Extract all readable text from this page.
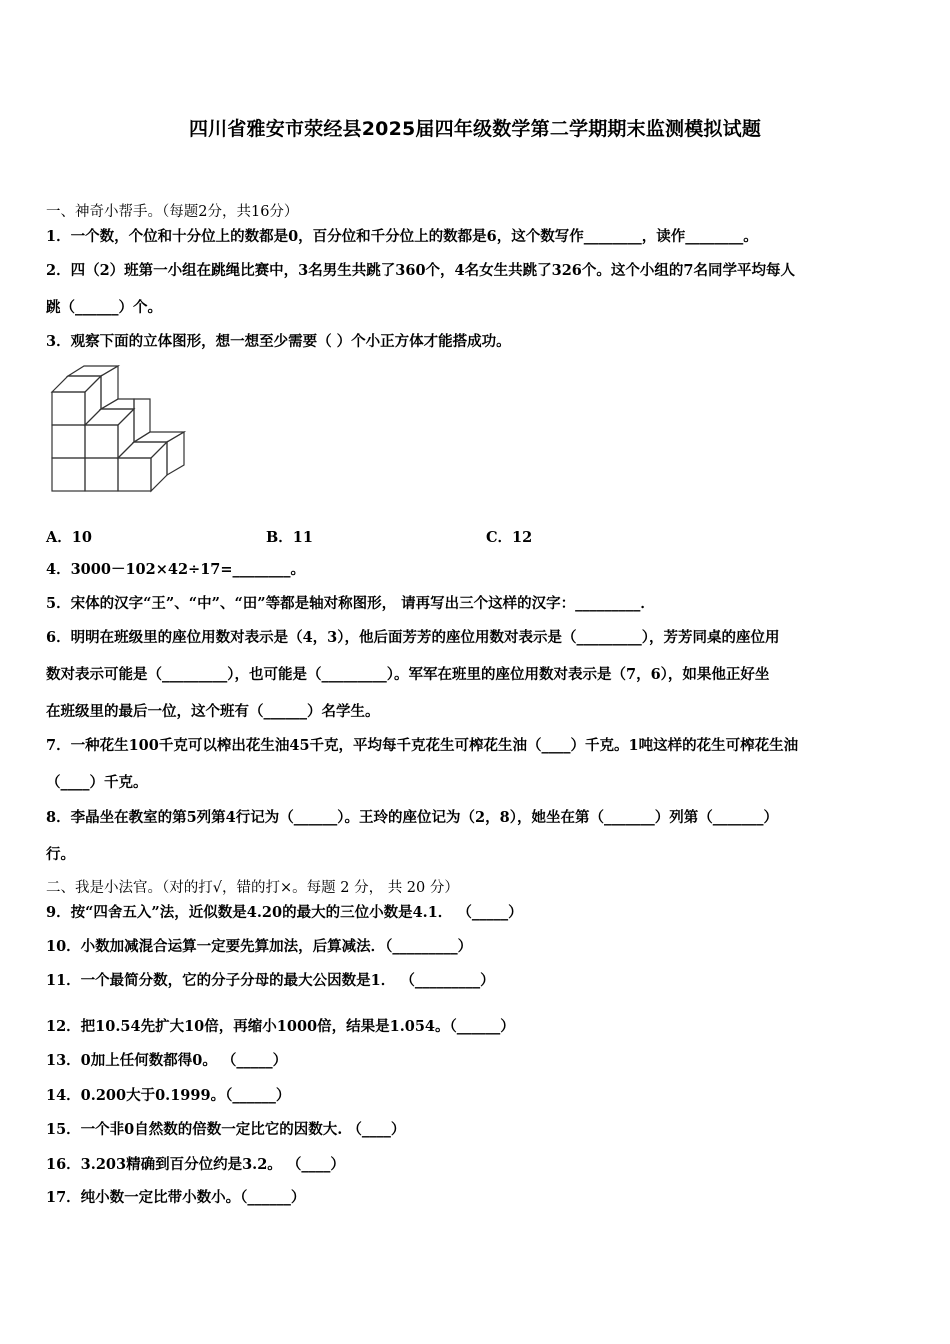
四川省雅安市荥经县2025届四年级数学第二学期期末监测模拟试题
一、神奇小帮手。（每题2分，共16分）
1．一个数，个位和十分位上的数都是0，百分位和千分位上的数都是6，这个数写作________，读作________。
2．四（2）班第一小组在跳绳比赛中，3名男生共跳了360个，4名女生共跳了326个。这个小组的7名同学平均每人
跳（______）个。
3．观察下面的立体图形，想一想至少需要（ ）个小正方体才能搭成功。
A．10	B．11	C．12
4．3000－102×42÷17=________。
5．宋体的汉字“王”、“中”、“田”等都是轴对称图形， 请再写出三个这样的汉字：_________．
6．明明在班级里的座位用数对表示是（4，3），他后面芳芳的座位用数对表示是（_________），芳芳同桌的座位用
数对表示可能是（_________），也可能是（_________）。军军在班里的座位用数对表示是（7，6），如果他正好坐
在班级里的最后一位，这个班有（______）名学生。
7．一种花生100千克可以榨出花生油45千克，平均每千克花生可榨花生油（____）千克。1吨这样的花生可榨花生油
（____）千克。
8．李晶坐在教室的第5列第4行记为（______）。王玲的座位记为（2，8），她坐在第（_______）列第（_______）
行。
二、我是小法官。（对的打√，错的打×。每题 2 分， 共 20 分）
9．按“四舍五入”法，近似数是4.20的最大的三位小数是4.1． （_____）
10．小数加减混合运算一定要先算加法，后算减法．（_________）
11．一个最简分数，它的分子分母的最大公因数是1． （_________）
12．把10.54先扩大10倍，再缩小1000倍，结果是1.054。（______）
13．0加上任何数都得0。 （_____）
14．0.200大于0.1999。（______）
15．一个非0自然数的倍数一定比它的因数大. （____）
16．3.203精确到百分位约是3.2。 （____）
17．纯小数一定比带小数小。（______）
